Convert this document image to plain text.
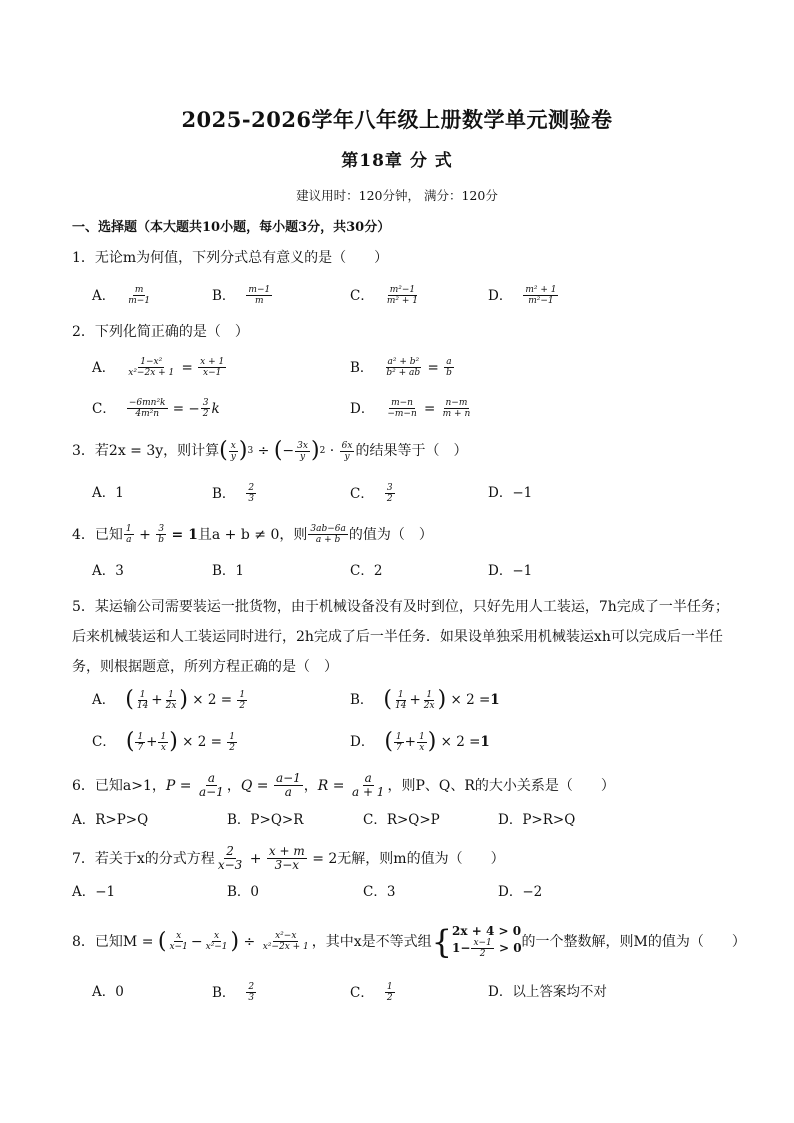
2025-2026学年八年级上册数学单元测验卷
第18章 分 式
建议用时：120分钟， 满分：120分
一、选择题（本大题共10小题，每小题3分，共30分）
1．无论m为何值，下列分式总有意义的是（　　）
A． $\frac{m}{m-1}$	B． $\frac{m-1}{m}$	C． $\frac{\text{m²−1}}{\text{m² + 1}}$	D． $\frac{\text{m² + 1}}{\text{m²−1}}$
2．下列化简正确的是（　）
A． $\frac{\text{1−x²}}{\text{x²−2x + 1}} = \frac{x + 1}{x-1}$	B． $\frac{\text{a² + b²}}{\text{b² + ab}} = \frac{a}{b}$
C． $\frac{\text{−6mn²k}}{\text{4m²n}}$ = − $\frac{3}{2}$ k	D． $\frac{m-n}{-m-n} = \frac{n-m}{m + n}$
3．若2x = 3y，则计算 ( $\frac{x}{y}$ ) 3 ÷ ( − $\frac{3x}{y}$ ) $2 \cdot \frac{6x}{y}$ 的结果等于（　）
A．1	B． $\frac{2}{3}$	C． $\frac{3}{2}$	D．−1
4．已知 $\frac{1}{a} + \frac{3}{b}$
= 1 且a + b ≠ 0，则 $\frac{3ab-6a}{a + b}$ 的值为（　）
A．3	B．1	C．2	D．−1
5．某运输公司需要装运一批货物，由于机械设备没有及时到位，只好先用人工装运，7h完成了一半任务；后来机械装运和人工装运同时进行，2h完成了后一半任务．如果设单独采用机械装运xh可以完成后一半任务，则根据题意，所列方程正确的是（　）
A． ( $\frac{1}{14} + \frac{1}{2x}$ ) × $2 = \frac{1}{2}$	B． ( $\frac{1}{14} + \frac{1}{2x}$ ) × 2 = 1
C． ( $\frac{1}{7} + \frac{1}{x}$ ) × $2 = \frac{1}{2}$	D． ( $\frac{1}{7} + \frac{1}{x}$ ) × 2 = 1
6．已知a>1， $P = \frac{a}{a-1}$ ， $Q = \frac{a-1}{a}$ ， $R = \frac{a}{a + 1}$ ，则P、Q、R的大小关系是（　　）
A．R>P>Q	B．P>Q>R	C．R>Q>P	D．P>R>Q
7．若关于x的分式方程 $\frac{2}{x-3} + \frac{x + m}{3-x}$
= 2无解，则m的值为（　　）
A．−1	B．0	C．3	D．−2
8．已知M =
( $\frac{x}{x-1} - \frac{x}{\text{x²−1}}$ ) ÷ $\frac{\text{x²−x}}{\text{x²−2x + 1}}$ ，其中x是不等式组 { 2x + 4 > 0
$1- \frac{x-1}{2} > 0$ 的一个整数解，则M的值为（　　）
A．0	B． $\frac{2}{3}$	C． $\frac{1}{2}$	D．以上答案均不对
